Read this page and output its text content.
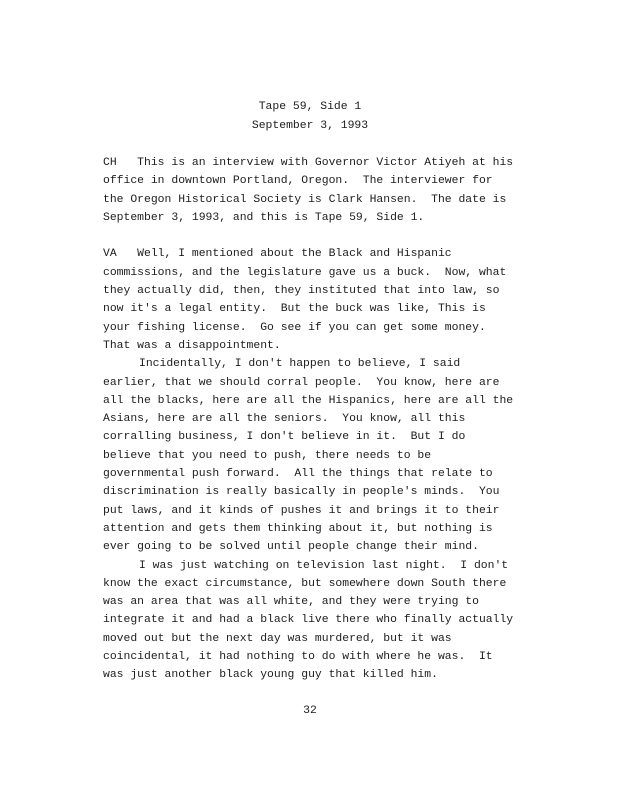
Tape 59, Side 1
September 3, 1993
CH   This is an interview with Governor Victor Atiyeh at his
office in downtown Portland, Oregon.  The interviewer for
the Oregon Historical Society is Clark Hansen.  The date is
September 3, 1993, and this is Tape 59, Side 1.
VA   Well, I mentioned about the Black and Hispanic
commissions, and the legislature gave us a buck.  Now, what
they actually did, then, they instituted that into law, so
now it's a legal entity.  But the buck was like, This is
your fishing license.  Go see if you can get some money.
That was a disappointment.
Incidentally, I don't happen to believe, I said
earlier, that we should corral people.  You know, here are
all the blacks, here are all the Hispanics, here are all the
Asians, here are all the seniors.  You know, all this
corralling business, I don't believe in it.  But I do
believe that you need to push, there needs to be
governmental push forward.  All the things that relate to
discrimination is really basically in people's minds.  You
put laws, and it kinds of pushes it and brings it to their
attention and gets them thinking about it, but nothing is
ever going to be solved until people change their mind.
I was just watching on television last night.  I don't
know the exact circumstance, but somewhere down South there
was an area that was all white, and they were trying to
integrate it and had a black live there who finally actually
moved out but the next day was murdered, but it was
coincidental, it had nothing to do with where he was.  It
was just another black young guy that killed him.
32
